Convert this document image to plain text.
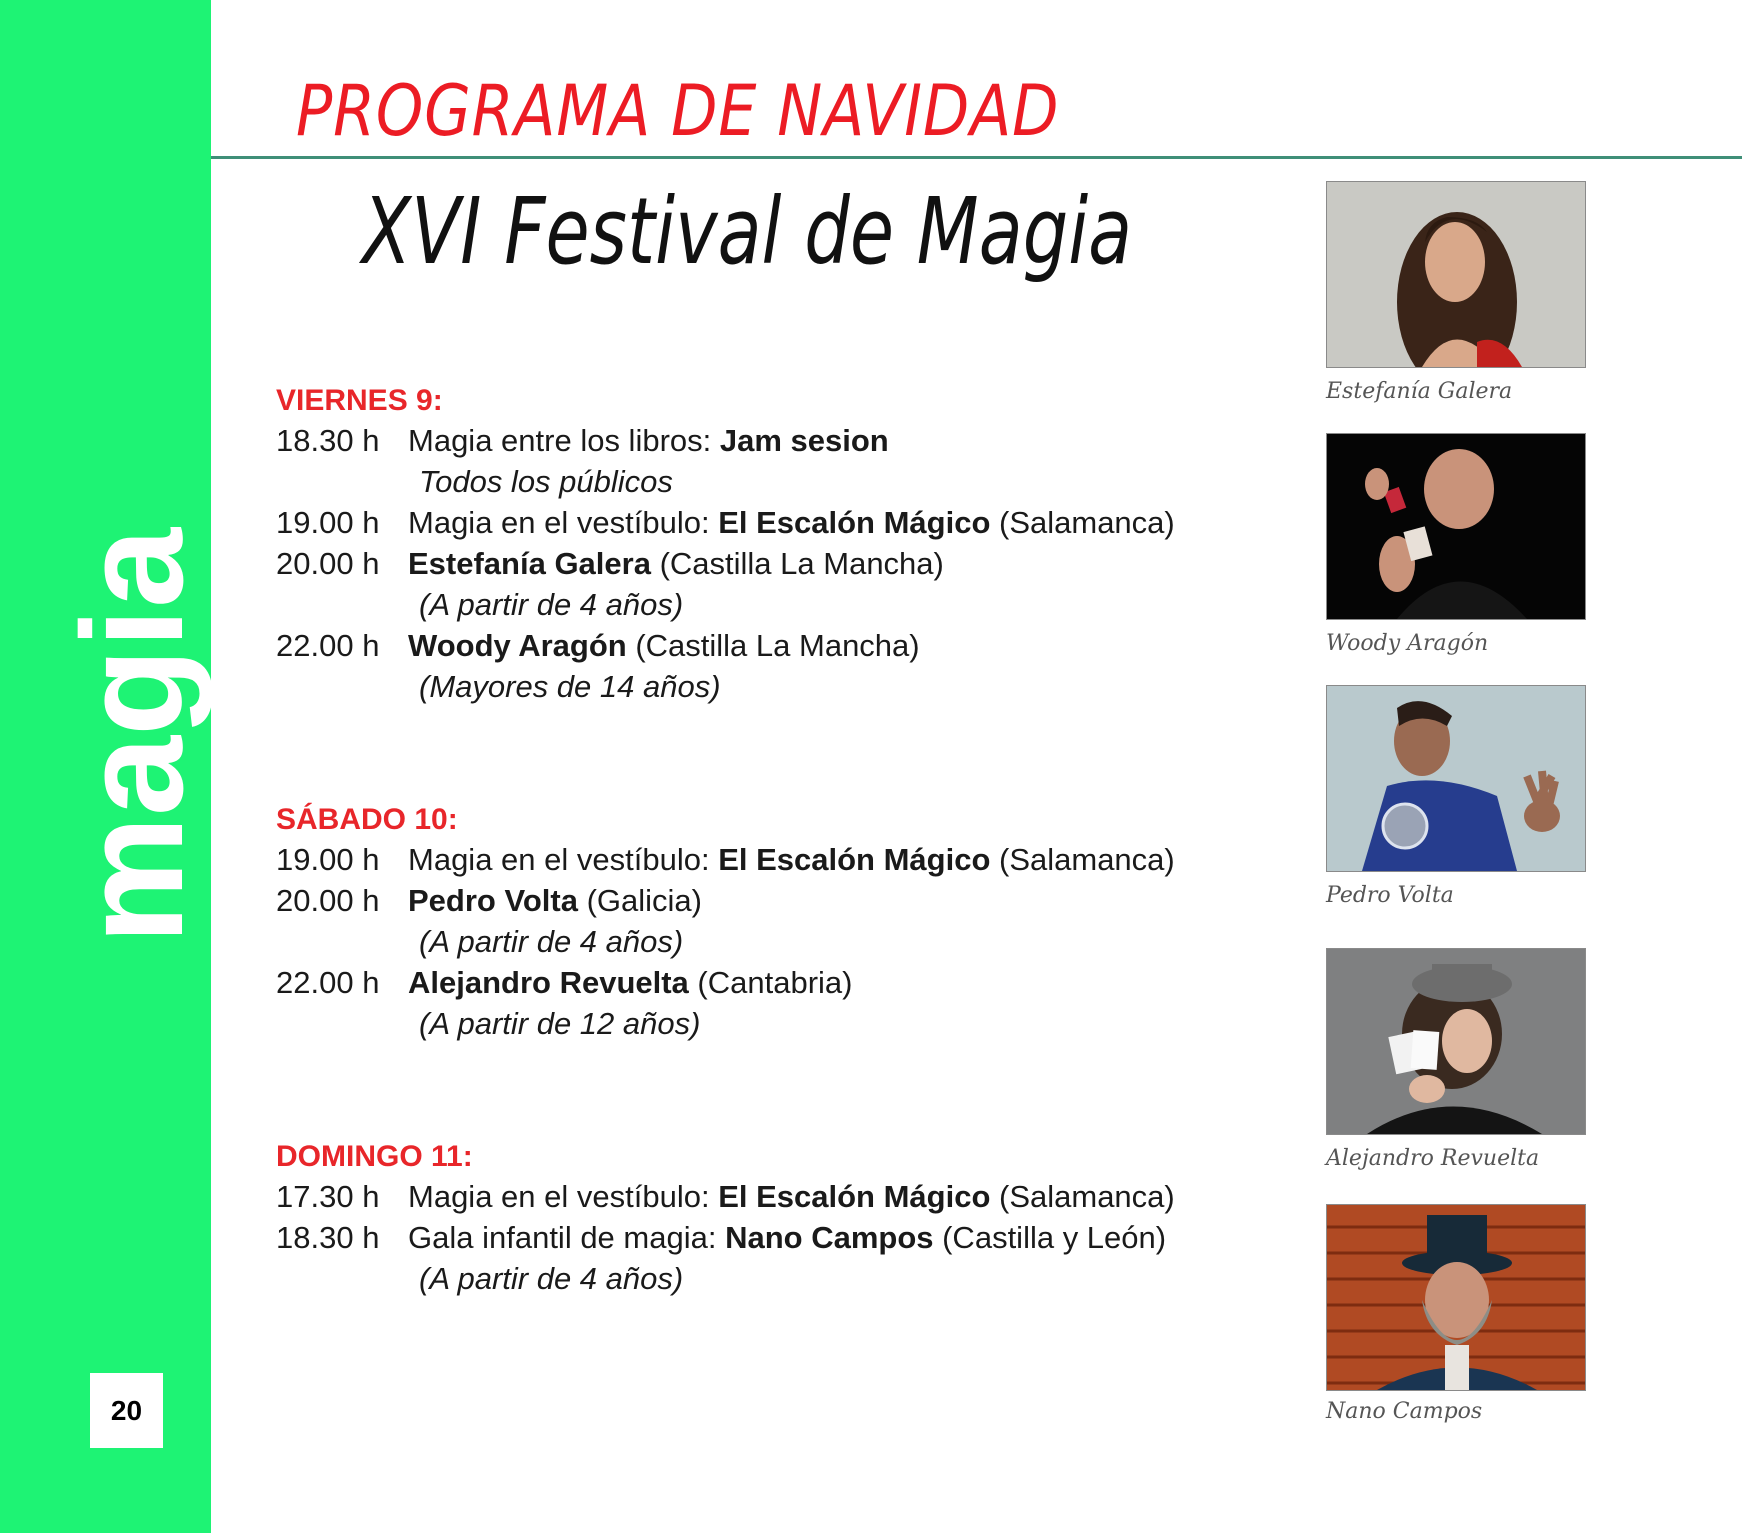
magia
20
PROGRAMA DE NAVIDAD
XVI Festival de Magia
VIERNES 9:
18.30 h Magia entre los libros: Jam sesion
Todos los públicos
19.00 h Magia en el vestíbulo: El Escalón Mágico (Salamanca)
20.00 h Estefanía Galera (Castilla La Mancha)
(A partir de 4 años)
22.00 h Woody Aragón (Castilla La Mancha)
(Mayores de 14 años)
SÁBADO 10:
19.00 h Magia en el vestíbulo: El Escalón Mágico (Salamanca)
20.00 h Pedro Volta (Galicia)
(A partir de 4 años)
22.00 h Alejandro Revuelta (Cantabria)
(A partir de 12 años)
DOMINGO 11:
17.30 h Magia en el vestíbulo: El Escalón Mágico (Salamanca)
18.30 h Gala infantil de magia: Nano Campos (Castilla y León)
(A partir de 4 años)
Estefanía Galera
Woody Aragón
Pedro Volta
Alejandro Revuelta
Nano Campos
